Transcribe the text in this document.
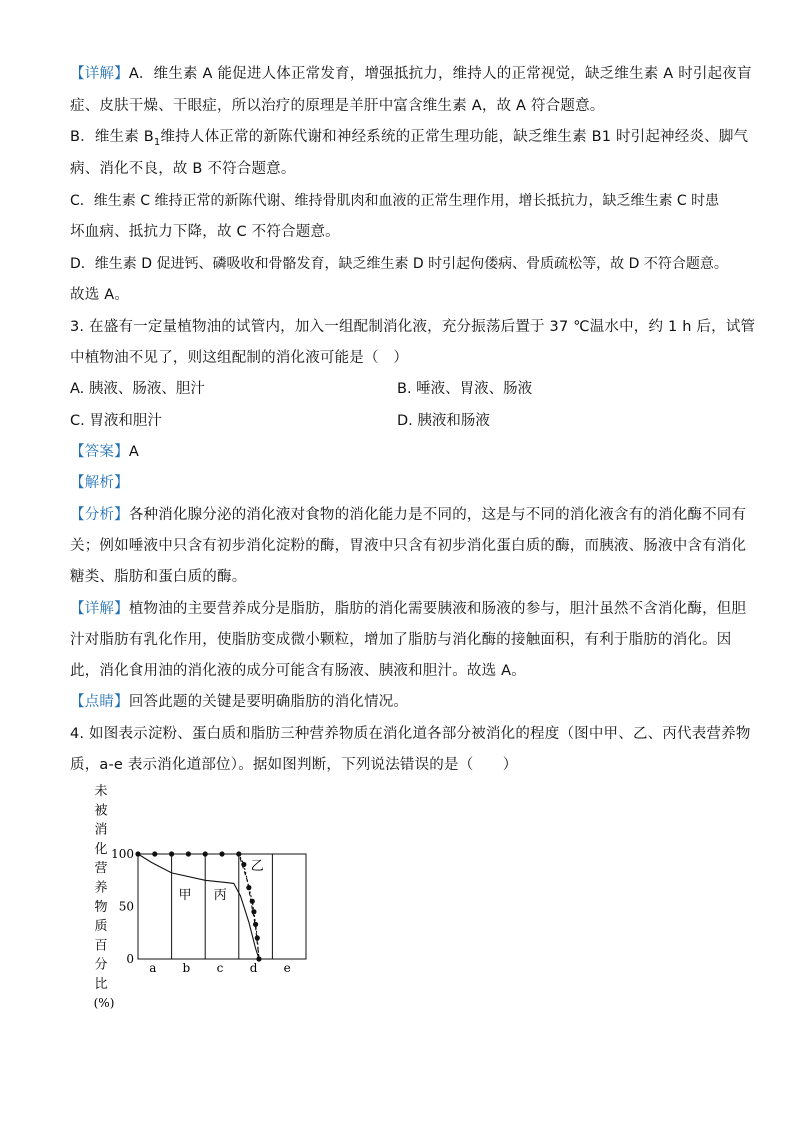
【详解】A．维生素 A 能促进人体正常发育，增强抵抗力，维持人的正常视觉，缺乏维生素 A 时引起夜盲
症、皮肤干燥、干眼症，所以治疗的原理是羊肝中富含维生素 A，故 A 符合题意。
B．维生素 $B_1$维持人体正常的新陈代谢和神经系统的正常生理功能，缺乏维生素 B1 时引起神经炎、脚气
病、消化不良，故 B 不符合题意。
C．维生素 C 维持正常的新陈代谢、维持骨肌肉和血液的正常生理作用，增长抵抗力，缺乏维生素 C 时患
坏血病、抵抗力下降，故 C 不符合题意。
D．维生素 D 促进钙、磷吸收和骨骼发育，缺乏维生素 D 时引起佝偻病、骨质疏松等，故 D 不符合题意。
故选 A。
3. 在盛有一定量植物油的试管内，加入一组配制消化液，充分振荡后置于 37 ℃温水中，约 1 h 后，试管
中植物油不见了，则这组配制的消化液可能是（　）
A. 胰液、肠液、胆汁	B. 唾液、胃液、肠液
C. 胃液和胆汁	D. 胰液和肠液
【答案】A
【解析】
【分析】各种消化腺分泌的消化液对食物的消化能力是不同的，这是与不同的消化液含有的消化酶不同有
关；例如唾液中只含有初步消化淀粉的酶，胃液中只含有初步消化蛋白质的酶，而胰液、肠液中含有消化
糖类、脂肪和蛋白质的酶。
【详解】植物油的主要营养成分是脂肪，脂肪的消化需要胰液和肠液的参与，胆汁虽然不含消化酶，但胆
汁对脂肪有乳化作用，使脂肪变成微小颗粒，增加了脂肪与消化酶的接触面积，有利于脂肪的消化。因
此，消化食用油的消化液的成分可能含有肠液、胰液和胆汁。故选 A。
【点睛】回答此题的关键是要明确脂肪的消化情况。
4. 如图表示淀粉、蛋白质和脂肪三种营养物质在消化道各部分被消化的程度（图中甲、乙、丙代表营养物
质，a-e 表示消化道部位）。据如图判断，下列说法错误的是（　　）
未
被
消
化
营
养
物
质
百
分
比
(%)
100
50
0
a b c d e
甲 丙
乙
